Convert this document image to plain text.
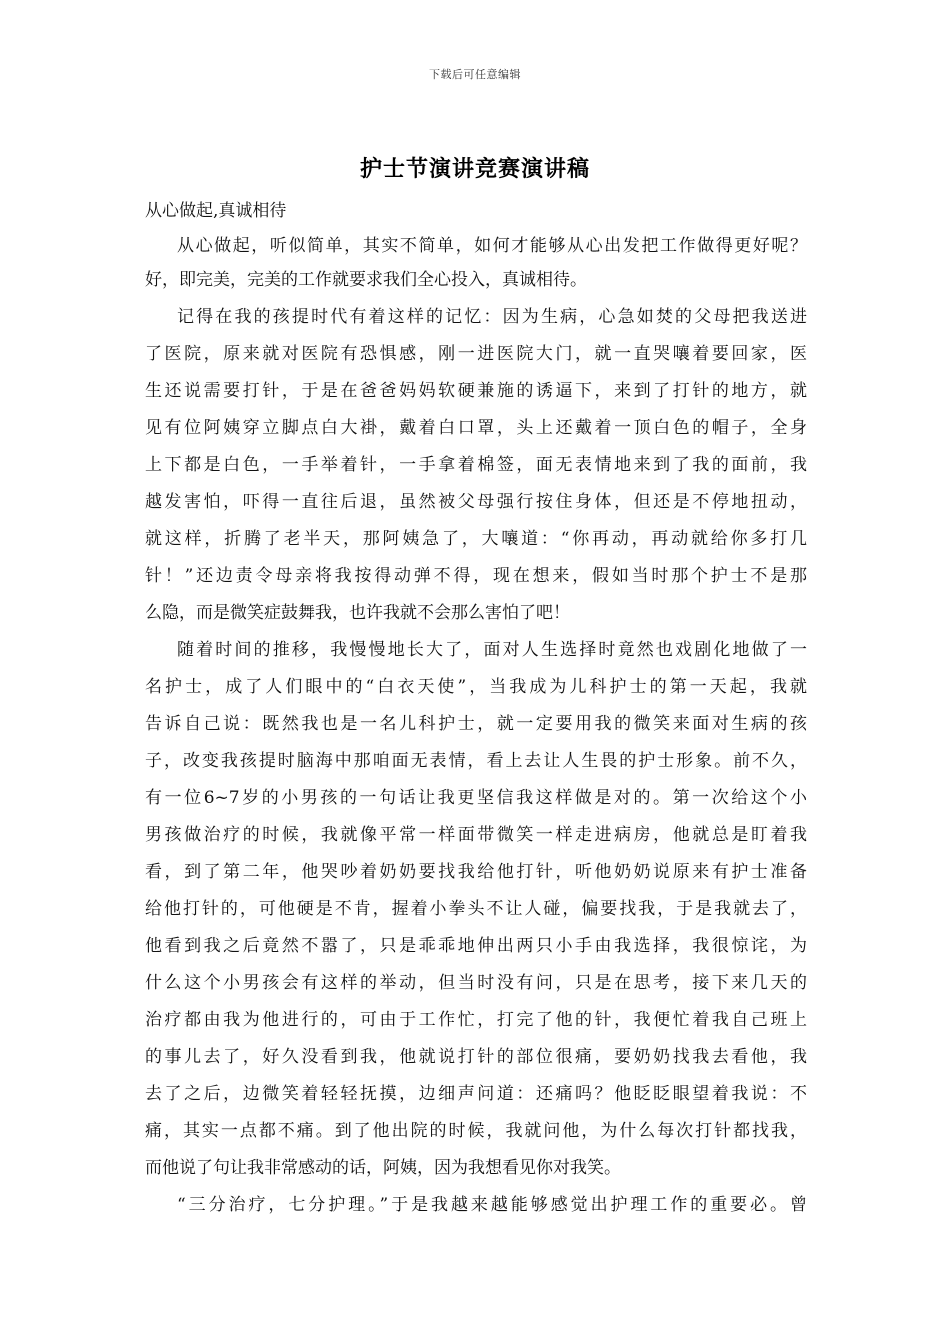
下载后可任意编辑
护士节演讲竞赛演讲稿
从心做起,真诚相待
从心做起，听似简单，其实不简单，如何才能够从心出发把工作做得更好呢？
好，即完美，完美的工作就要求我们全心投入，真诚相待。
记得在我的孩提时代有着这样的记忆：因为生病，心急如焚的父母把我送进
了医院，原来就对医院有恐惧感，刚一进医院大门，就一直哭嚷着要回家，医
生还说需要打针，于是在爸爸妈妈软硬兼施的诱逼下，来到了打针的地方，就
见有位阿姨穿立脚点白大褂，戴着白口罩，头上还戴着一顶白色的帽子，全身
上下都是白色，一手举着针，一手拿着棉签，面无表情地来到了我的面前，我
越发害怕，吓得一直往后退，虽然被父母强行按住身体，但还是不停地扭动，
就这样，折腾了老半天，那阿姨急了，大嚷道：“你再动，再动就给你多打几
针！”还边责令母亲将我按得动弹不得，现在想来，假如当时那个护士不是那
么隐，而是微笑症鼓舞我，也许我就不会那么害怕了吧！
随着时间的推移，我慢慢地长大了，面对人生选择时竟然也戏剧化地做了一
名护士，成了人们眼中的“白衣天使”，当我成为儿科护士的第一天起，我就
告诉自己说：既然我也是一名儿科护士，就一定要用我的微笑来面对生病的孩
子，改变我孩提时脑海中那咱面无表情，看上去让人生畏的护士形象。前不久，
有一位6~7岁的小男孩的一句话让我更坚信我这样做是对的。第一次给这个小
男孩做治疗的时候，我就像平常一样面带微笑一样走进病房，他就总是盯着我
看，到了第二年，他哭吵着奶奶要找我给他打针，听他奶奶说原来有护士准备
给他打针的，可他硬是不肯，握着小拳头不让人碰，偏要找我，于是我就去了，
他看到我之后竟然不嚣了，只是乖乖地伸出两只小手由我选择，我很惊诧，为
什么这个小男孩会有这样的举动，但当时没有问，只是在思考，接下来几天的
治疗都由我为他进行的，可由于工作忙，打完了他的针，我便忙着我自己班上
的事儿去了，好久没看到我，他就说打针的部位很痛，要奶奶找我去看他，我
去了之后，边微笑着轻轻抚摸，边细声问道：还痛吗？他眨眨眼望着我说：不
痛，其实一点都不痛。到了他出院的时候，我就问他，为什么每次打针都找我，
而他说了句让我非常感动的话，阿姨，因为我想看见你对我笑。
“三分治疗，七分护理。”于是我越来越能够感觉出护理工作的重要必。曾
